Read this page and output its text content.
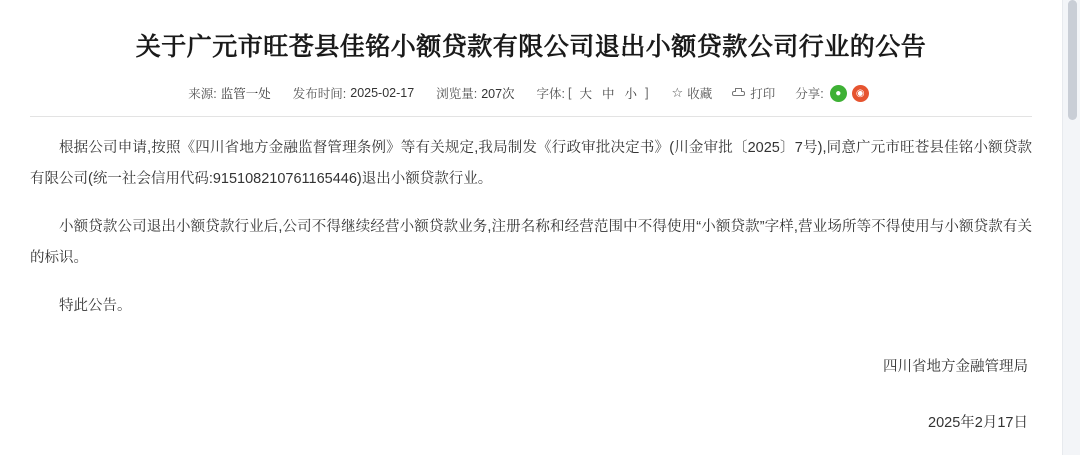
关于广元市旺苍县佳铭小额贷款有限公司退出小额贷款公司行业的公告
来源: 监管一处 发布时间: 2025-02-17 浏览量: 207次 字体: [ 大 中 小 ] ☆ 收藏	打印 分享:	●	◉

根据公司申请,按照《四川省地方金融监督管理条例》等有关规定,我局制发《行政审批决定书》(川金审批〔2025〕7号),同意广元市旺苍县佳铭小额贷款有限公司(统一社会信用代码:915108210761165446)退出小额贷款行业。

小额贷款公司退出小额贷款行业后,公司不得继续经营小额贷款业务,注册名称和经营范围中不得使用“小额贷款”字样,营业场所等不得使用与小额贷款有关的标识。

特此公告。

四川省地方金融管理局
2025年2月17日
